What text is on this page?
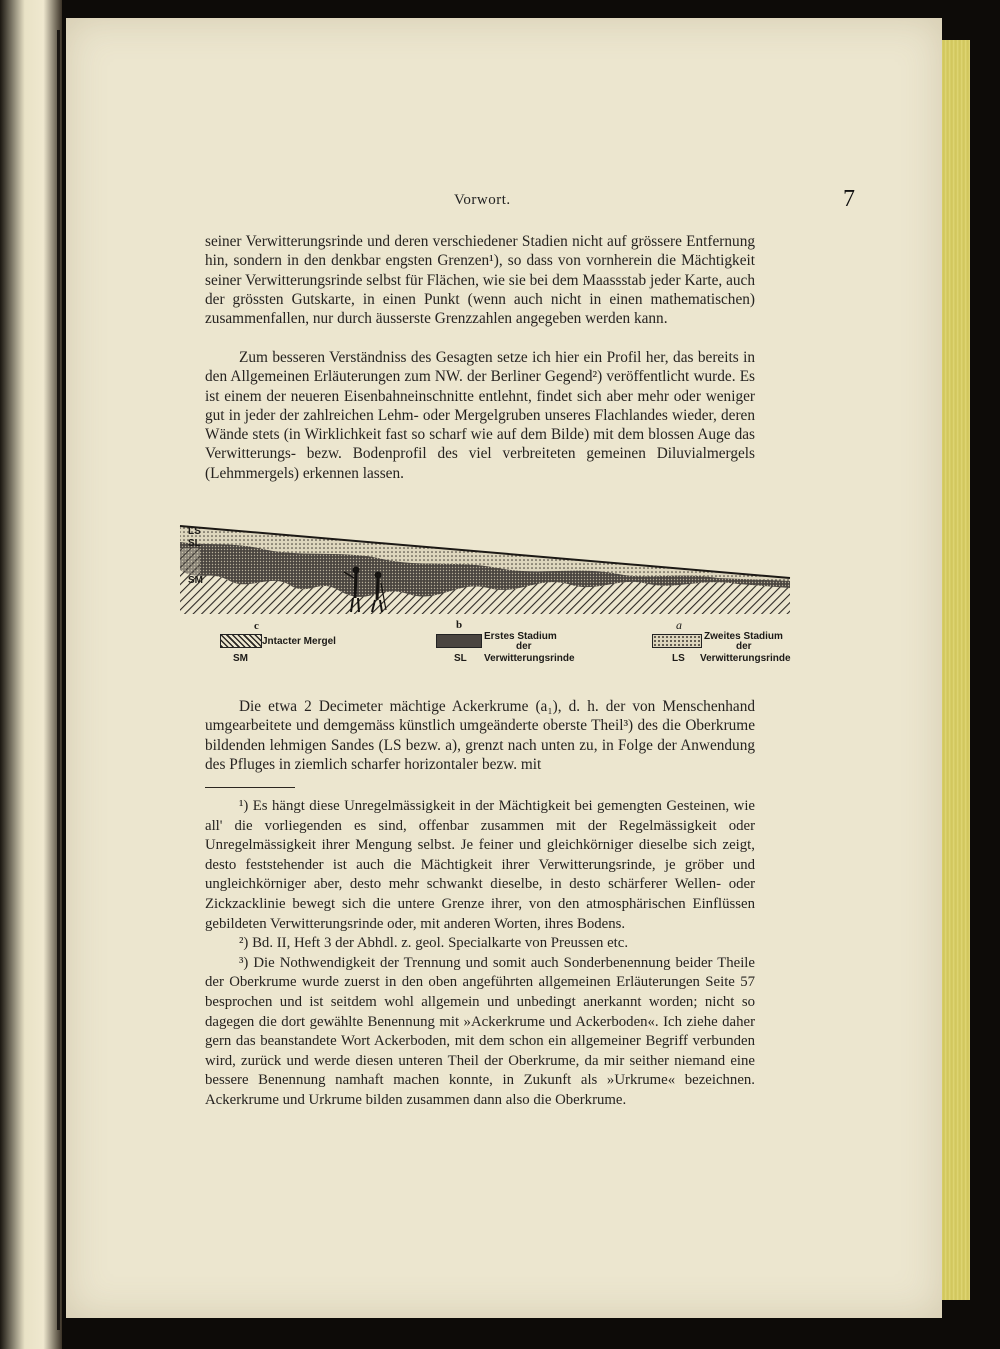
Vorwort.	7

seiner Verwitterungsrinde und deren verschiedener Stadien nicht auf grössere Entfernung hin, sondern in den denkbar engsten Grenzen¹), so dass von vornherein die Mächtigkeit seiner Verwitterungsrinde selbst für Flächen, wie sie bei dem Maassstab jeder Karte, auch der grössten Gutskarte, in einen Punkt (wenn auch nicht in einen mathematischen) zusammenfallen, nur durch äusserste Grenzzahlen angegeben werden kann.

Zum besseren Verständniss des Gesagten setze ich hier ein Profil her, das bereits in den Allgemeinen Erläuterungen zum NW. der Berliner Gegend²) veröffentlicht wurde. Es ist einem der neueren Eisenbahneinschnitte entlehnt, findet sich aber mehr oder weniger gut in jeder der zahlreichen Lehm- oder Mergelgruben unseres Flachlandes wieder, deren Wände stets (in Wirklichkeit fast so scharf wie auf dem Bilde) mit dem blossen Auge das Verwitterungs- bezw. Bodenprofil des viel verbreiteten gemeinen Diluvialmergels (Lehmmergels) erkennen lassen.

LS
SL
SM
c
Jntacter Mergel
SM
b
Erstes Stadium
der
Verwitterungsrinde
SL
a
Zweites Stadium
der
Verwitterungsrinde
LS

Die etwa 2 Decimeter mächtige Ackerkrume (a₁), d. h. der von Menschenhand umgearbeitete und demgemäss künstlich umgeänderte oberste Theil³) des die Oberkrume bildenden lehmigen Sandes (LS bezw. a), grenzt nach unten zu, in Folge der Anwendung des Pfluges in ziemlich scharfer horizontaler bezw. mit

¹) Es hängt diese Unregelmässigkeit in der Mächtigkeit bei gemengten Gesteinen, wie all' die vorliegenden es sind, offenbar zusammen mit der Regelmässigkeit oder Unregelmässigkeit ihrer Mengung selbst. Je feiner und gleichkörniger dieselbe sich zeigt, desto feststehender ist auch die Mächtigkeit ihrer Verwitterungsrinde, je gröber und ungleichkörniger aber, desto mehr schwankt dieselbe, in desto schärferer Wellen- oder Zickzacklinie bewegt sich die untere Grenze ihrer, von den atmosphärischen Einflüssen gebildeten Verwitterungsrinde oder, mit anderen Worten, ihres Bodens.

²) Bd. II, Heft 3 der Abhdl. z. geol. Specialkarte von Preussen etc.

³) Die Nothwendigkeit der Trennung und somit auch Sonderbenennung beider Theile der Oberkrume wurde zuerst in den oben angeführten allgemeinen Erläuterungen Seite 57 besprochen und ist seitdem wohl allgemein und unbedingt anerkannt worden; nicht so dagegen die dort gewählte Benennung mit »Ackerkrume und Ackerboden«. Ich ziehe daher gern das beanstandete Wort Ackerboden, mit dem schon ein allgemeiner Begriff verbunden wird, zurück und werde diesen unteren Theil der Oberkrume, da mir seither niemand eine bessere Benennung namhaft machen konnte, in Zukunft als »Urkrume« bezeichnen. Ackerkrume und Urkrume bilden zusammen dann also die Oberkrume.
